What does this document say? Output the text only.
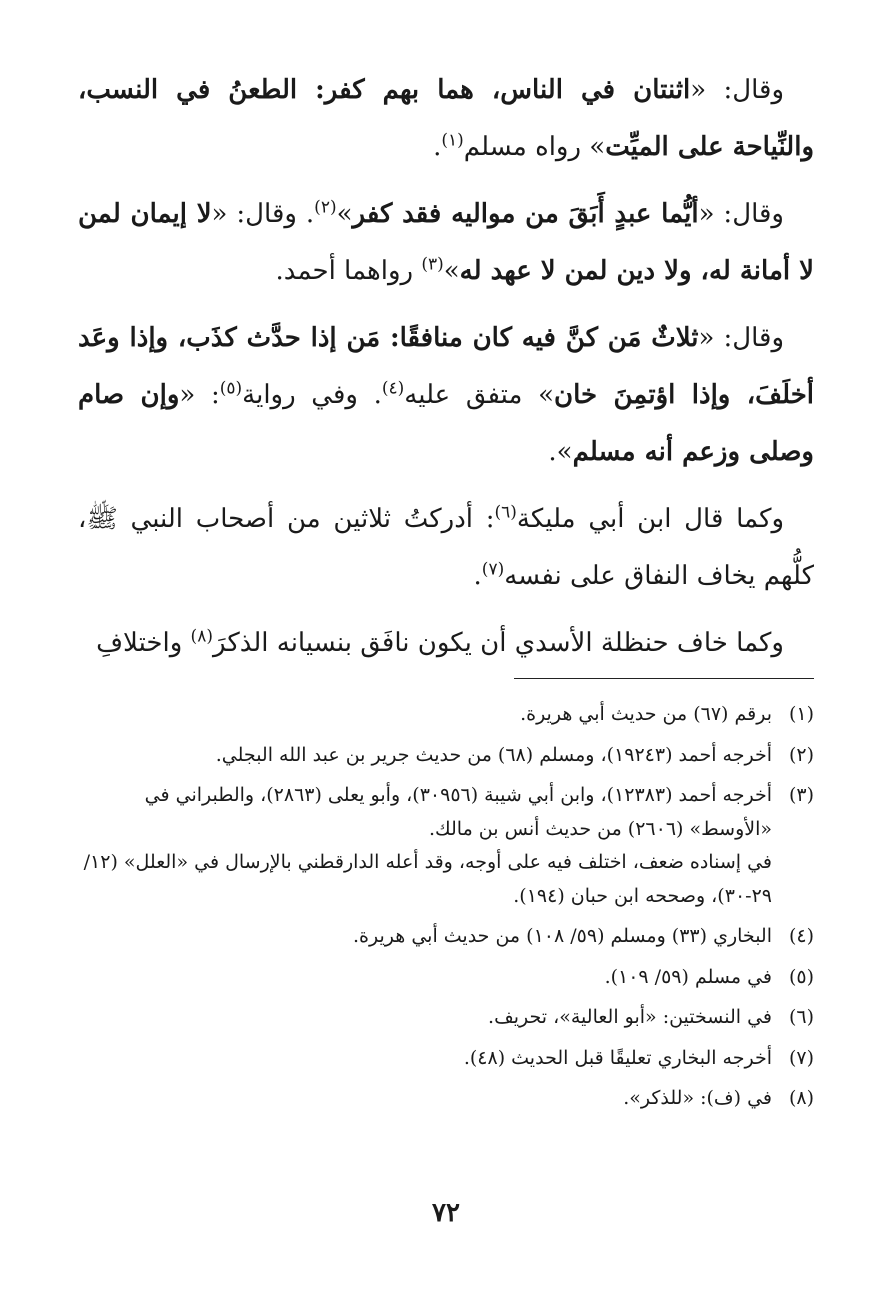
وقال: «اثنتان في الناس، هما بهم كفر: الطعنُ في النسب، والنِّياحة على الميِّت» رواه مسلم$^{(١)}$.

وقال: «أيُّما عبدٍ أَبَقَ من مواليه فقد كفر»$^{(٢)}$. وقال: «لا إيمان لمن لا أمانة له، ولا دين لمن لا عهد له»$^{(٣)}$ رواهما أحمد.

وقال: «ثلاثٌ مَن كنَّ فيه كان منافقًا: مَن إذا حدَّث كذَب، وإذا وعَد أخلَفَ، وإذا اؤتمِنَ خان» متفق عليه$^{(٤)}$. وفي رواية$^{(٥)}$: «وإن صام وصلى وزعم أنه مسلم».

وكما قال ابن أبي مليكة$^{(٦)}$: أدركتُ ثلاثين من أصحاب النبي ﷺ، كلُّهم يخاف النفاق على نفسه$^{(٧)}$.

وكما خاف حنظلة الأسدي أن يكون نافَق بنسيانه الذكرَ$^{(٨)}$ واختلافِ

(١)
برقم (٦٧) من حديث أبي هريرة.
(٢)
أخرجه أحمد (١٩٢٤٣)، ومسلم (٦٨) من حديث جرير بن عبد الله البجلي.
(٣)
أخرجه أحمد (١٢٣٨٣)، وابن أبي شيبة (٣٠٩٥٦)، وأبو يعلى (٢٨٦٣)، والطبراني في «الأوسط» (٢٦٠٦) من حديث أنس بن مالك.
في إسناده ضعف، اختلف فيه على أوجه، وقد أعله الدارقطني بالإرسال في «العلل» (١٢/ ٢٩-٣٠)، وصححه ابن حبان (١٩٤).
(٤)
البخاري (٣٣) ومسلم (٥٩/ ١٠٨) من حديث أبي هريرة.
(٥)
في مسلم (٥٩/ ١٠٩).
(٦)
في النسختين: «أبو العالية»، تحريف.
(٧)
أخرجه البخاري تعليقًا قبل الحديث (٤٨).
(٨)
في (ف): «للذكر».
٧٢
